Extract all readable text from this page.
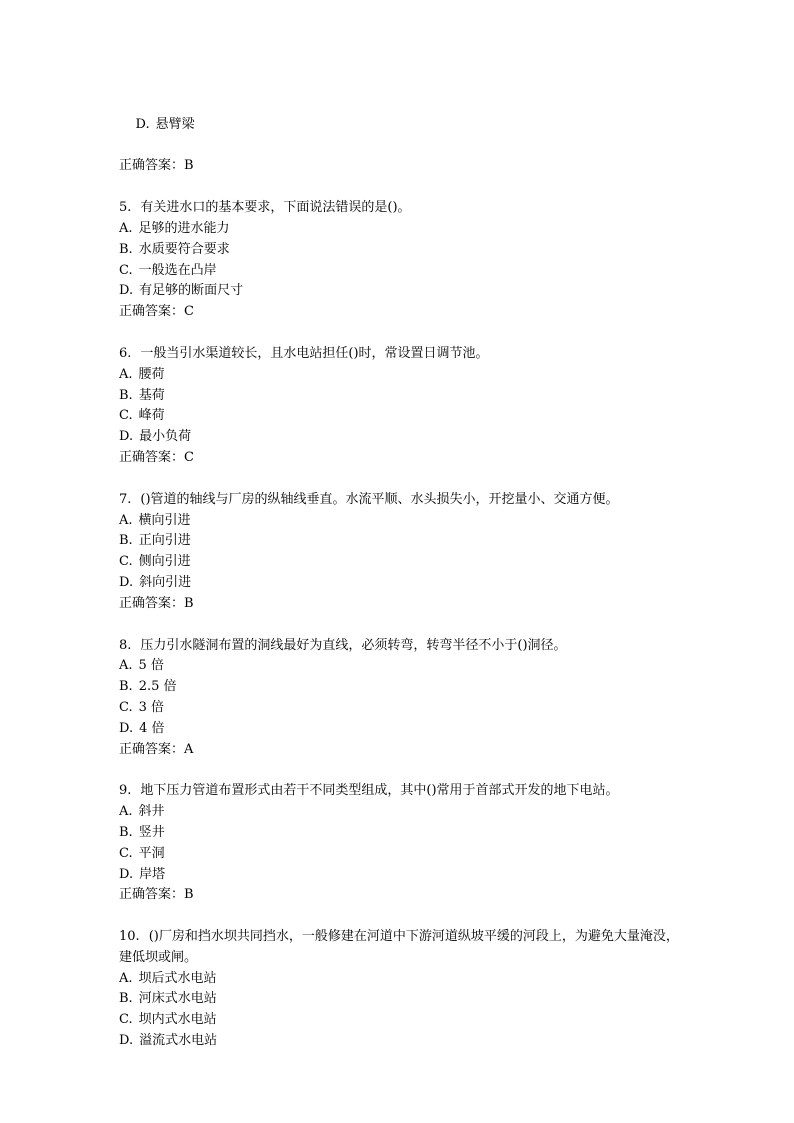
D. 悬臂梁

正确答案：B
5. 有关进水口的基本要求，下面说法错误的是()。
A. 足够的进水能力
B. 水质要符合要求
C. 一般选在凸岸
D. 有足够的断面尺寸
正确答案：C
6. 一般当引水渠道较长，且水电站担任()时，常设置日调节池。
A. 腰荷
B. 基荷
C. 峰荷
D. 最小负荷
正确答案：C
7. ()管道的轴线与厂房的纵轴线垂直。水流平顺、水头损失小，开挖量小、交通方便。
A. 横向引进
B. 正向引进
C. 侧向引进
D. 斜向引进
正确答案：B
8. 压力引水隧洞布置的洞线最好为直线，必须转弯，转弯半径不小于()洞径。
A. 5 倍
B. 2.5 倍
C. 3 倍
D. 4 倍
正确答案：A
9. 地下压力管道布置形式由若干不同类型组成，其中()常用于首部式开发的地下电站。
A. 斜井
B. 竖井
C. 平洞
D. 岸塔
正确答案：B
10. ()厂房和挡水坝共同挡水，一般修建在河道中下游河道纵坡平缓的河段上，为避免大量淹没，建低坝或闸。
A. 坝后式水电站
B. 河床式水电站
C. 坝内式水电站
D. 溢流式水电站
